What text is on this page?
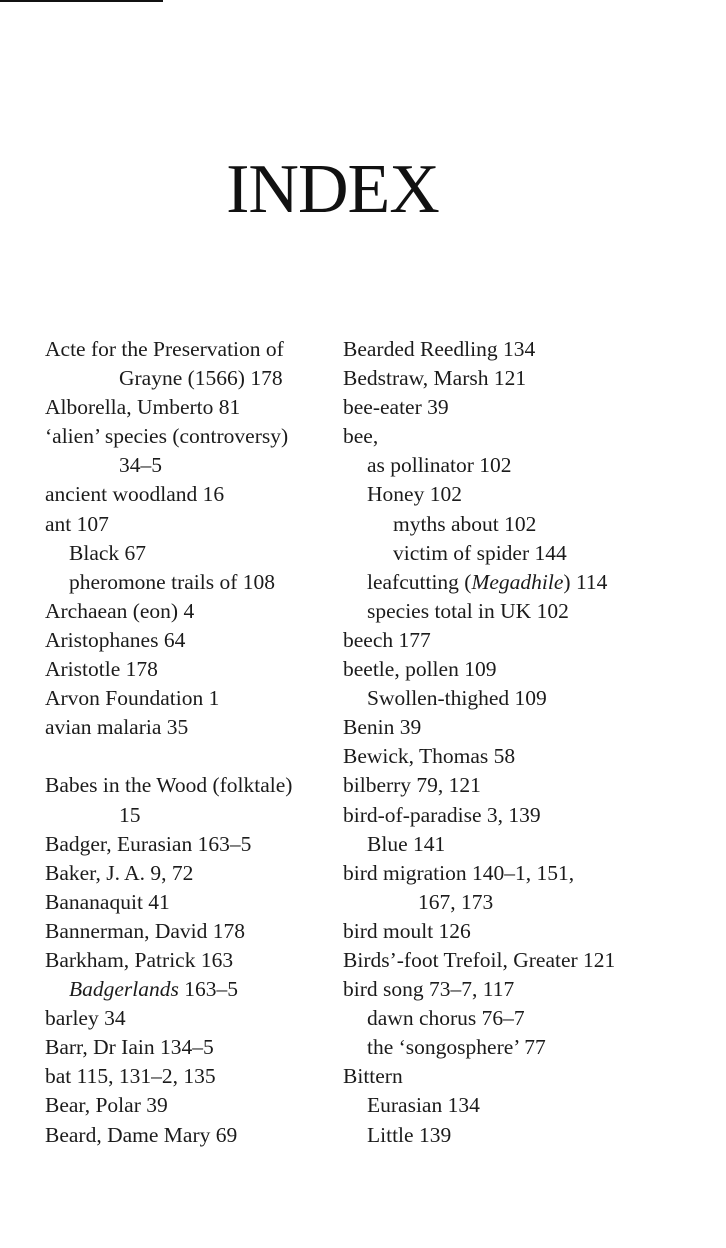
INDEX
Acte for the Preservation of
Grayne (1566) 178
Alborella, Umberto 81
‘alien’ species (controversy)
34–5
ancient woodland 16
ant 107
Black 67
pheromone trails of 108
Archaean (eon) 4
Aristophanes 64
Aristotle 178
Arvon Foundation 1
avian malaria 35
Babes in the Wood (folktale)
15
Badger, Eurasian 163–5
Baker, J. A. 9, 72
Bananaquit 41
Bannerman, David 178
Barkham, Patrick 163
Badgerlands 163–5
barley 34
Barr, Dr Iain 134–5
bat 115, 131–2, 135
Bear, Polar 39
Beard, Dame Mary 69
Bearded Reedling 134
Bedstraw, Marsh 121
bee-eater 39
bee,
as pollinator 102
Honey 102
myths about 102
victim of spider 144
leafcutting (Megadhile) 114
species total in UK 102
beech 177
beetle, pollen 109
Swollen-thighed 109
Benin 39
Bewick, Thomas 58
bilberry 79, 121
bird-of-paradise 3, 139
Blue 141
bird migration 140–1, 151,
167, 173
bird moult 126
Birds’-foot Trefoil, Greater 121
bird song 73–7, 117
dawn chorus 76–7
the ‘songosphere’ 77
Bittern
Eurasian 134
Little 139
